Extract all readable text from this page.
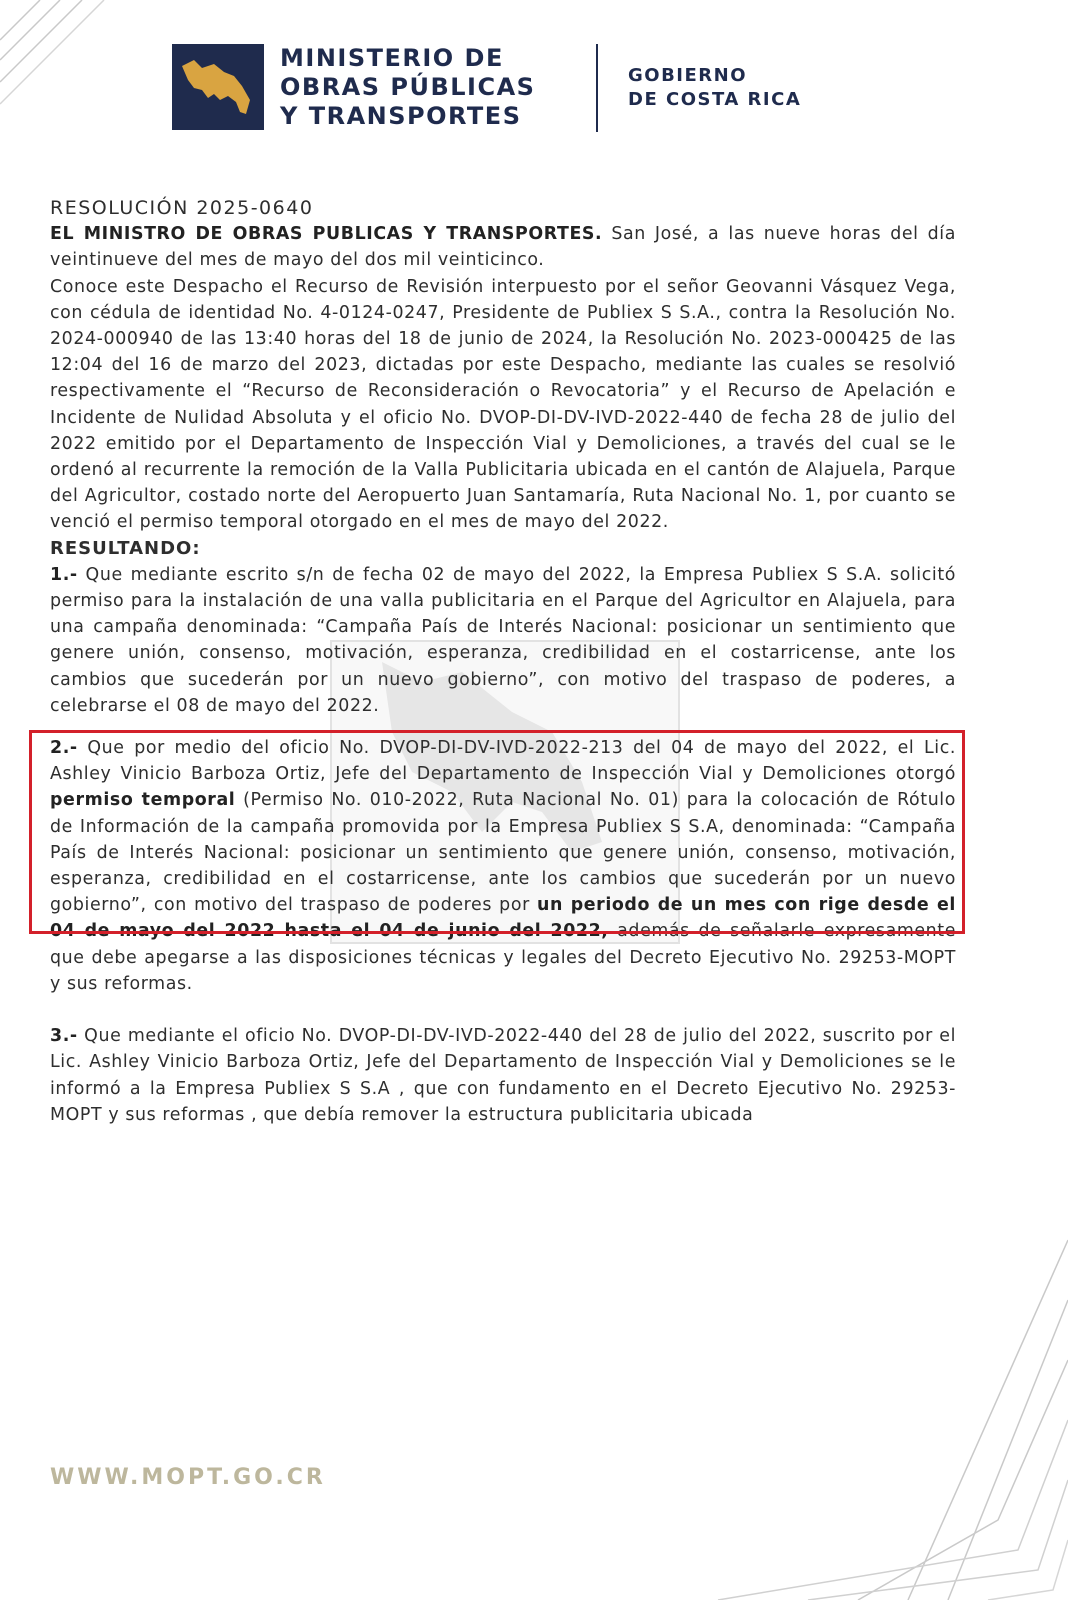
MINISTERIO DE
OBRAS PÚBLICAS
Y TRANSPORTES
GOBIERNO
DE COSTA RICA

RESOLUCIÓN 2025-0640

EL MINISTRO DE OBRAS PUBLICAS Y TRANSPORTES. San José, a las nueve horas del día veintinueve del mes de mayo del dos mil veinticinco.

Conoce este Despacho el Recurso de Revisión interpuesto por el señor Geovanni Vásquez Vega, con cédula de identidad No. 4-0124-0247, Presidente de Publiex S S.A., contra la Resolución No. 2024-000940 de las 13:40 horas del 18 de junio de 2024, la Resolución No. 2023-000425 de las 12:04 del 16 de marzo del 2023, dictadas por este Despacho, mediante las cuales se resolvió respectivamente el “Recurso de Reconsideración o Revocatoria” y el Recurso de Apelación e Incidente de Nulidad Absoluta y el oficio No. DVOP-DI-DV-IVD-2022-440 de fecha 28 de julio del 2022 emitido por el Departamento de Inspección Vial y Demoliciones, a través del cual se le ordenó al recurrente la remoción de la Valla Publicitaria ubicada en el cantón de Alajuela, Parque del Agricultor, costado norte del Aeropuerto Juan Santamaría, Ruta Nacional No. 1, por cuanto se venció el permiso temporal otorgado en el mes de mayo del 2022.

RESULTANDO:

1.- Que mediante escrito s/n de fecha 02 de mayo del 2022, la Empresa Publiex S S.A. solicitó permiso para la instalación de una valla publicitaria en el Parque del Agricultor en Alajuela, para una campaña denominada: “Campaña País de Interés Nacional: posicionar un sentimiento que genere unión, consenso, motivación, esperanza, credibilidad en el costarricense, ante los cambios que sucederán por un nuevo gobierno”, con motivo del traspaso de poderes, a celebrarse el 08 de mayo del 2022.

2.- Que por medio del oficio No. DVOP-DI-DV-IVD-2022-213 del 04 de mayo del 2022, el Lic. Ashley Vinicio Barboza Ortiz, Jefe del Departamento de Inspección Vial y Demoliciones otorgó permiso temporal (Permiso No. 010-2022, Ruta Nacional No. 01) para la colocación de Rótulo de Información de la campaña promovida por la Empresa Publiex S S.A, denominada: “Campaña País de Interés Nacional: posicionar un sentimiento que genere unión, consenso, motivación, esperanza, credibilidad en el costarricense, ante los cambios que sucederán por un nuevo gobierno”, con motivo del traspaso de poderes por un periodo de un mes con rige desde el 04 de mayo del 2022 hasta el 04 de junio del 2022, además de señalarle expresamente que debe apegarse a las disposiciones técnicas y legales del Decreto Ejecutivo No. 29253-MOPT y sus reformas.

3.- Que mediante el oficio No. DVOP-DI-DV-IVD-2022-440 del 28 de julio del 2022, suscrito por el Lic. Ashley Vinicio Barboza Ortiz, Jefe del Departamento de Inspección Vial y Demoliciones se le informó a la Empresa Publiex S S.A , que con fundamento en el Decreto Ejecutivo No. 29253-MOPT y sus reformas , que debía remover la estructura publicitaria ubicada

WWW.MOPT.GO.CR
